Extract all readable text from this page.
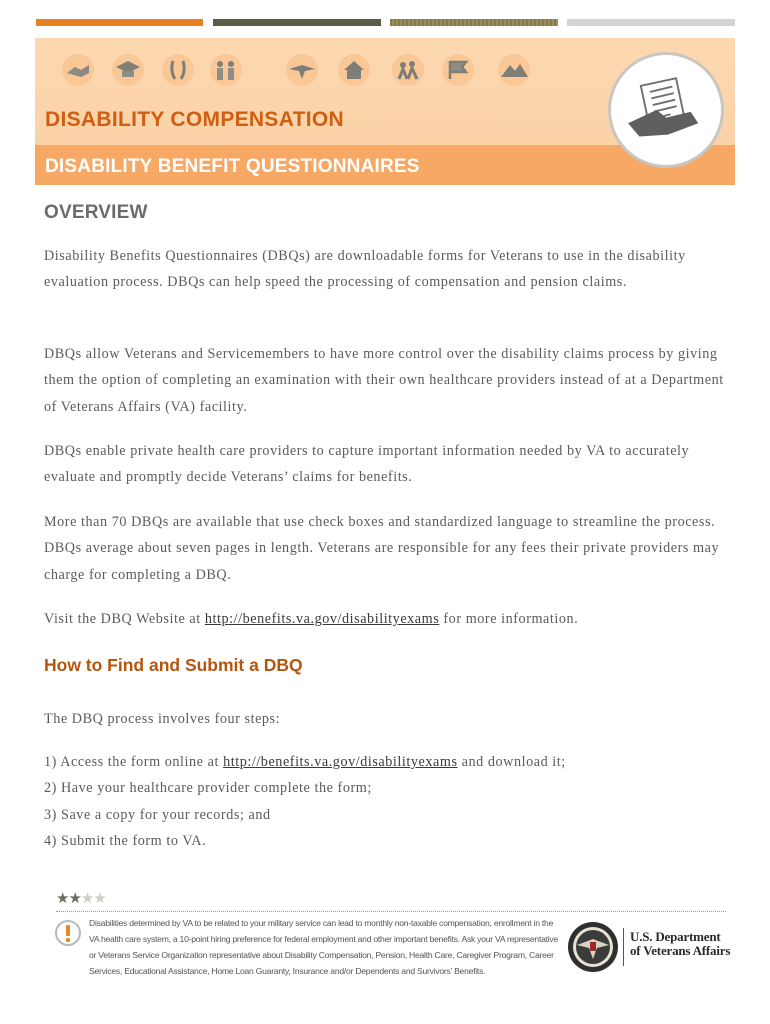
DISABILITY COMPENSATION
DISABILITY BENEFIT QUESTIONNAIRES
OVERVIEW

Disability Benefits Questionnaires (DBQs) are downloadable forms for Veterans to use in the disability evaluation process. DBQs can help speed the processing of compensation and pension claims.

DBQs allow Veterans and Servicemembers to have more control over the disability claims process by giving them the option of completing an examination with their own healthcare providers instead of at a Department of Veterans Affairs (VA) facility.

DBQs enable private health care providers to capture important information needed by VA to accurately evaluate and promptly decide Veterans’ claims for benefits.

More than 70 DBQs are available that use check boxes and standardized language to streamline the process. DBQs average about seven pages in length. Veterans are responsible for any fees their private providers may charge for completing a DBQ.

Visit the DBQ Website at http://benefits.va.gov/disabilityexams for more information.

How to Find and Submit a DBQ

The DBQ process involves four steps:

1) Access the form online at http://benefits.va.gov/disabilityexams and download it;
2) Have your healthcare provider complete the form;
3) Save a copy for your records; and
4) Submit the form to VA.
★★★★
Disabilities determined by VA to be related to your military service can lead to monthly non-taxable compensation, enrollment in the VA health care system, a 10-point hiring preference for federal employment and other important benefits. Ask your VA representative or Veterans Service Organization representative about Disability Compensation, Pension, Health Care, Caregiver Program, Career Services, Educational Assistance, Home Loan Guaranty, Insurance and/or Dependents and Survivors’ Benefits.
U.S. Department
of Veterans Affairs
